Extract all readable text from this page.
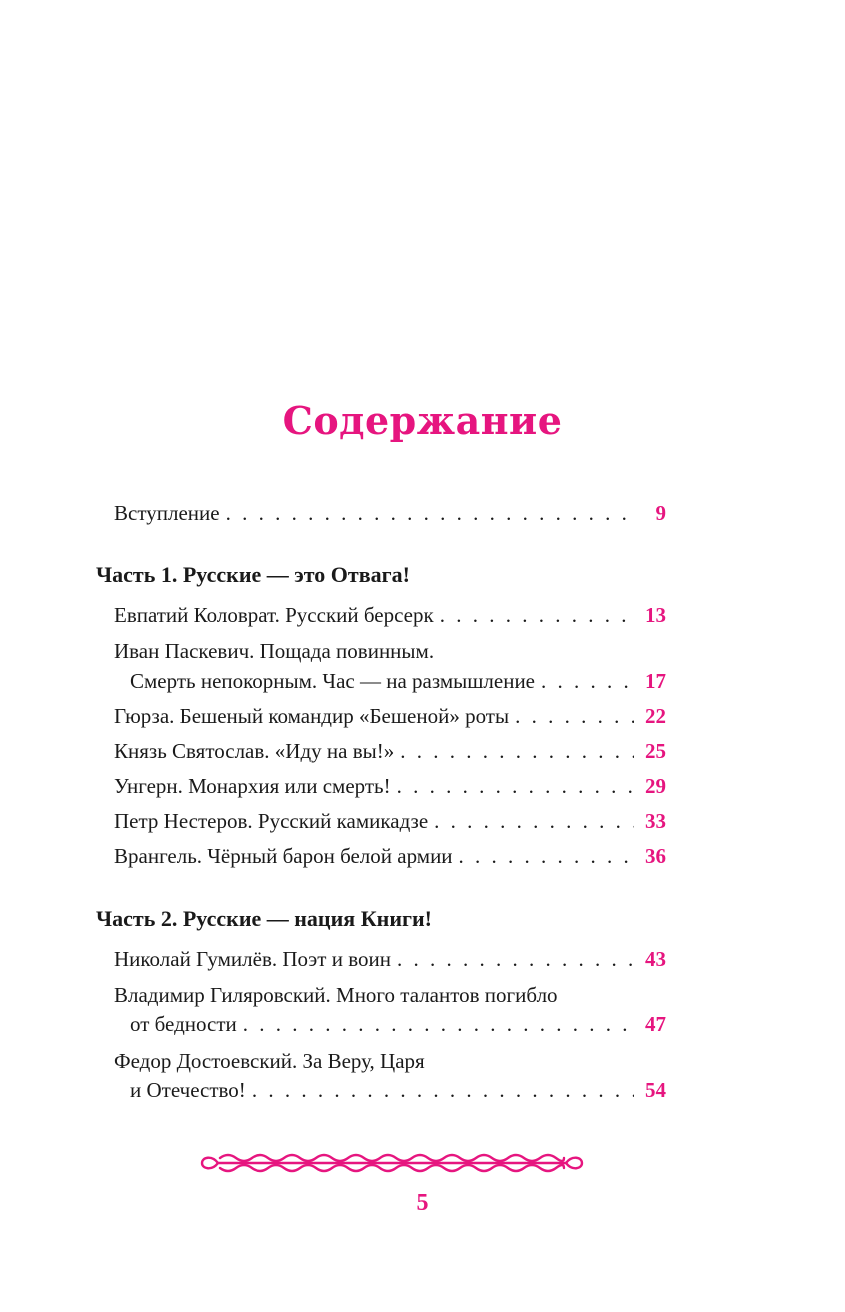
Содержание
Вступление . . .	9
Часть 1. Русские — это Отвага!
Евпатий Коловрат. Русский берсерк . . .	13
Иван Паскевич. Пощада повинным.
Смерть непокорным. Час — на размышление . . .	17
Гюрза. Бешеный командир «Бешеной» роты . . .	22
Князь Святослав. «Иду на вы!» . . .	25
Унгерн. Монархия или смерть! . . .	29
Петр Нестеров. Русский камикадзе . . .	33
Врангель. Чёрный барон белой армии . . .	36
Часть 2. Русские — нация Книги!
Николай Гумилёв. Поэт и воин . . .	43
Владимир Гиляровский. Много талантов погибло
от бедности . . .	47
Федор Достоевский. За Веру, Царя
и Отечество! . . .	54
5
